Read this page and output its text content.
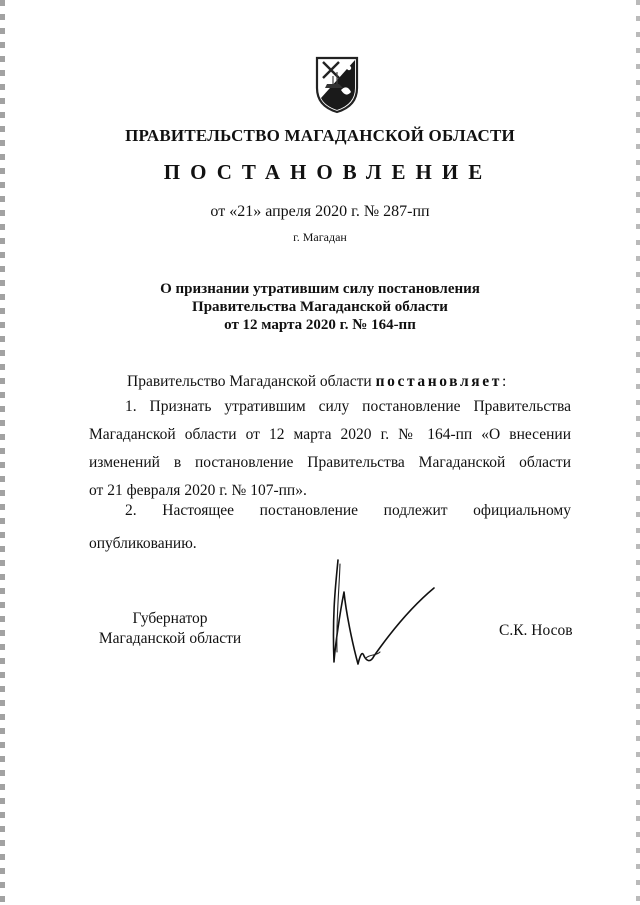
ПРАВИТЕЛЬСТВО МАГАДАНСКОЙ ОБЛАСТИ
ПОСТАНОВЛЕНИЕ
от «21» апреля 2020 г. № 287-пп
г. Магадан
О признании утратившим силу постановления
Правительства Магаданской области
от 12 марта 2020 г. № 164-пп
Правительство Магаданской области постановляет:
1. Признать утратившим силу постановление Правительства Магаданской области от 12 марта 2020 г. № 164-пп «О внесении изменений в постановление Правительства Магаданской области
от 21 февраля 2020 г. № 107-пп».
2. Настоящее постановление подлежит официальному
опубликованию.
Губернатор
Магаданской области	С.К. Носов
